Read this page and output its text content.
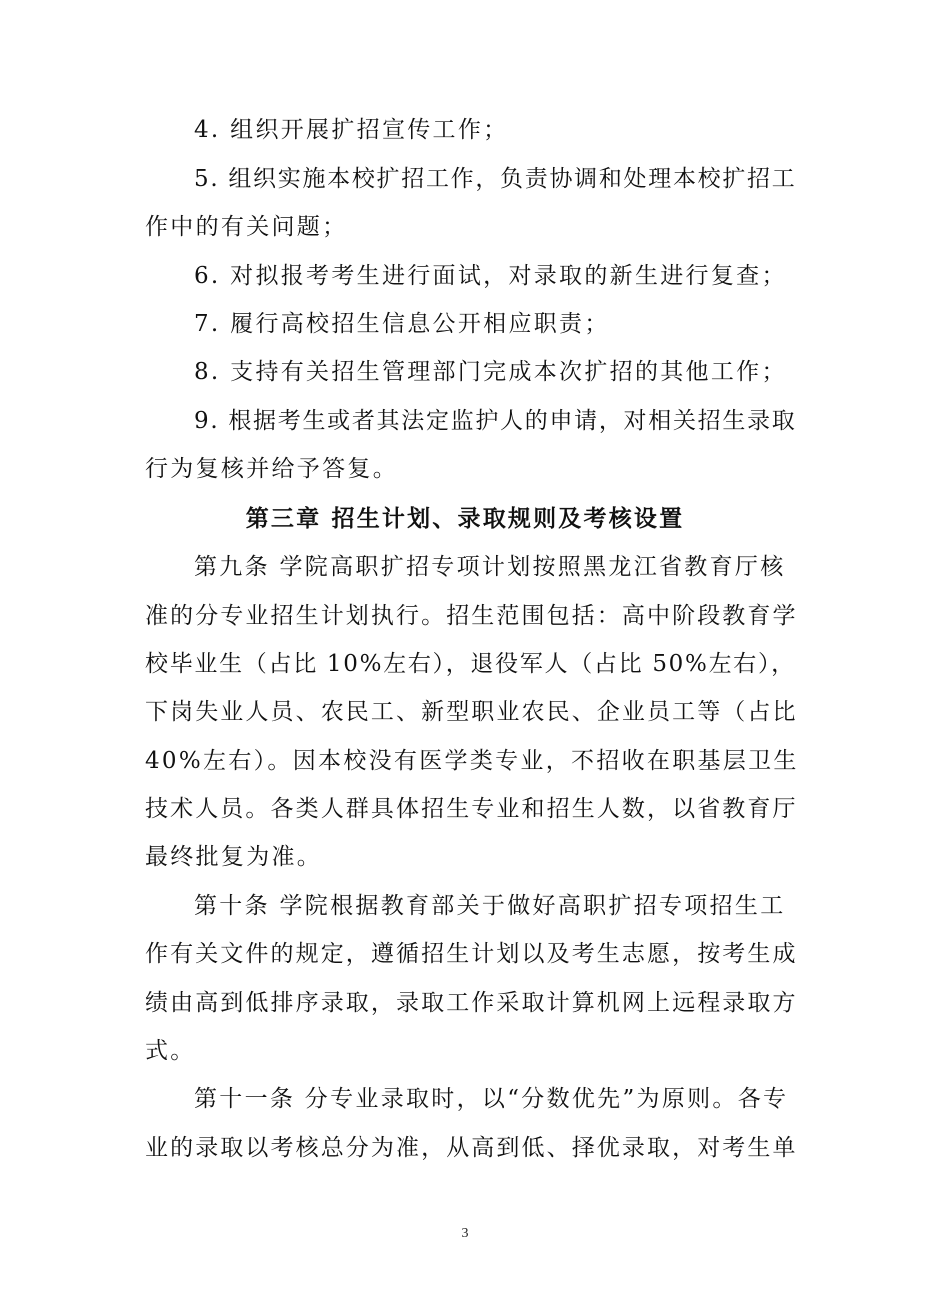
4. 组织开展扩招宣传工作；
5. 组织实施本校扩招工作，负责协调和处理本校扩招工
作中的有关问题；
6. 对拟报考考生进行面试，对录取的新生进行复查；
7. 履行高校招生信息公开相应职责；
8. 支持有关招生管理部门完成本次扩招的其他工作；
9. 根据考生或者其法定监护人的申请，对相关招生录取
行为复核并给予答复。
第三章 招生计划、录取规则及考核设置
第九条 学院高职扩招专项计划按照黑龙江省教育厅核
准的分专业招生计划执行。招生范围包括：高中阶段教育学
校毕业生（占比 10%左右），退役军人（占比 50%左右），
下岗失业人员、农民工、新型职业农民、企业员工等（占比
40%左右）。因本校没有医学类专业，不招收在职基层卫生
技术人员。各类人群具体招生专业和招生人数，以省教育厅
最终批复为准。
第十条 学院根据教育部关于做好高职扩招专项招生工
作有关文件的规定，遵循招生计划以及考生志愿，按考生成
绩由高到低排序录取，录取工作采取计算机网上远程录取方
式。
第十一条 分专业录取时，以“分数优先”为原则。各专
业的录取以考核总分为准，从高到低、择优录取，对考生单
3
